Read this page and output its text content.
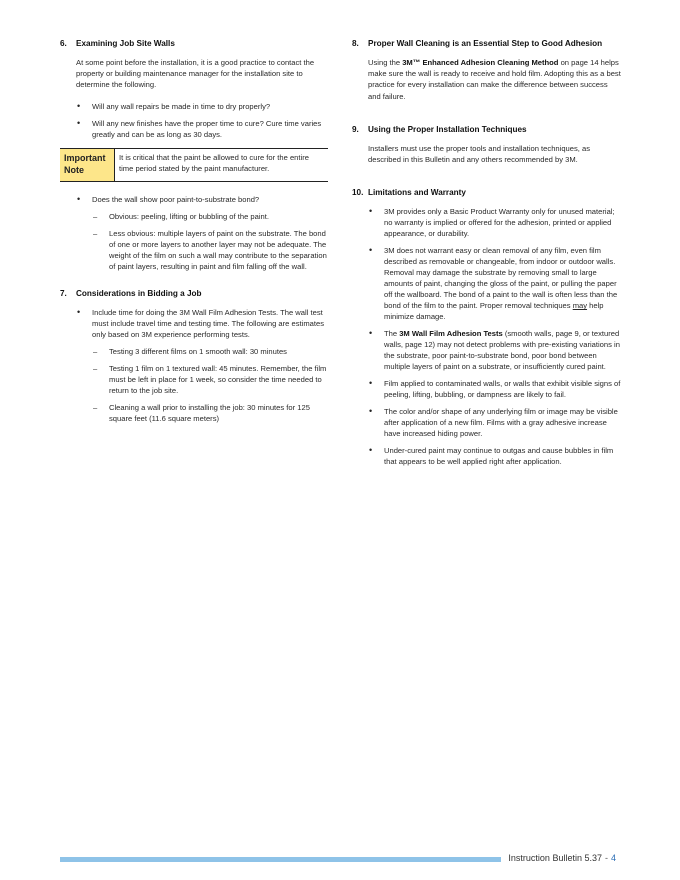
6.	Examining Job Site Walls

At some point before the installation, it is a good practice to contact the property or building maintenance manager for the installation site to determine the following.

• Will any wall repairs be made in time to dry properly?
• Will any new finishes have the proper time to cure? Cure time varies greatly and can be as long as 30 days.
Important Note
It is critical that the paint be allowed to cure for the entire time period stated by the paint manufacturer.
• Does the wall show poor paint-to-substrate bond?
– Obvious: peeling, lifting or bubbling of the paint.
– Less obvious: multiple layers of paint on the substrate. The bond of one or more layers to another layer may not be adequate. The weight of the film on such a wall may contribute to the separation of paint layers, resulting in paint and film falling off the wall.
7.	Considerations in Bidding a Job
• Include time for doing the 3M Wall Film Adhesion Tests. The wall test must include travel time and testing time. The following are estimates only based on 3M experience performing tests.
– Testing 3 different films on 1 smooth wall: 30 minutes
– Testing 1 film on 1 textured wall: 45 minutes. Remember, the film must be left in place for 1 week, so consider the time needed to return to the job site.
– Cleaning a wall prior to installing the job: 30 minutes for 125 square feet (11.6 square meters)
8.	Proper Wall Cleaning is an Essential Step to Good Adhesion

Using the 3M™ Enhanced Adhesion Cleaning Method on page 14 helps make sure the wall is ready to receive and hold film. Adopting this as a best practice for every installation can make the difference between success and failure.

9.	Using the Proper Installation Techniques

Installers must use the proper tools and installation techniques, as described in this Bulletin and any others recommended by 3M.

10. Limitations and Warranty
• 3M provides only a Basic Product Warranty only for unused material; no warranty is implied or offered for the adhesion, printed or applied appearance, or durability.
• 3M does not warrant easy or clean removal of any film, even film described as removable or changeable, from indoor or outdoor walls. Removal may damage the substrate by removing small to large amounts of paint, changing the gloss of the paint, or pulling the paper off the wallboard. The bond of a paint to the wall is often less than the bond of the film to the paint. Proper removal techniques may help minimize damage.
• The 3M Wall Film Adhesion Tests (smooth walls, page 9, or textured walls, page 12) may not detect problems with pre-existing variations in the substrate, poor paint-to-substrate bond, poor bond between multiple layers of paint on a substrate, or insufficiently cured paint.
• Film applied to contaminated walls, or walls that exhibit visible signs of peeling, lifting, bubbling, or dampness are likely to fail.
• The color and/or shape of any underlying film or image may be visible after application of a new film. Films with a gray adhesive increase have increased hiding power.
• Under-cured paint may continue to outgas and cause bubbles in film that appears to be well applied right after application.
Instruction Bulletin 5.37 - 4
